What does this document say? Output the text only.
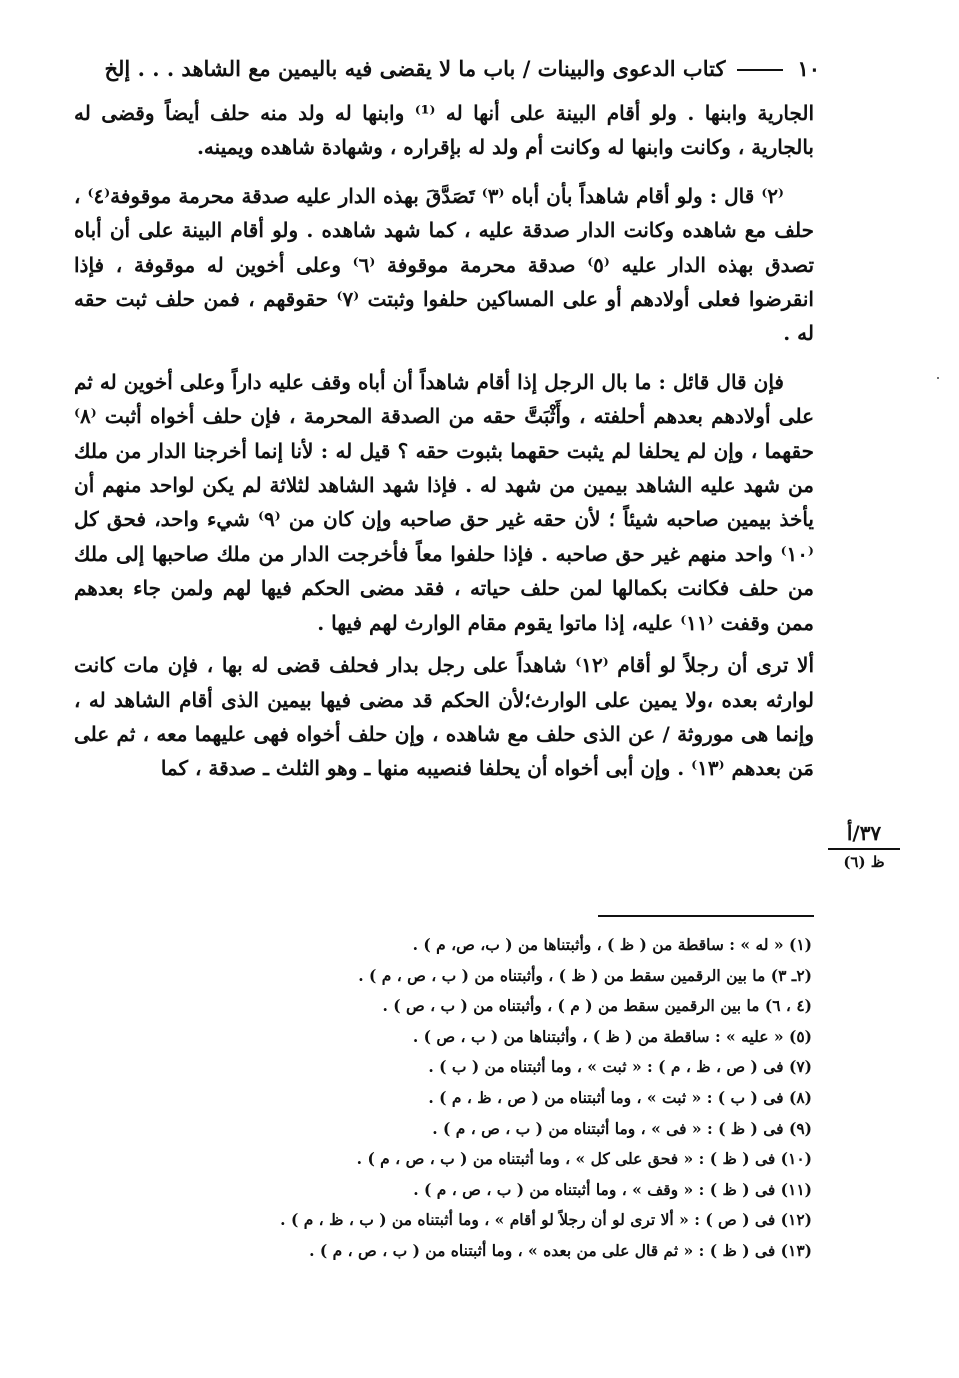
١٠
كتاب الدعوى والبينات / باب ما لا يقضى فيه باليمين مع الشاهد . . . إلخ

الجارية وابنها . ولو أقام البينة على أنها له ⁽¹⁾ وابنها له ولد منه حلف أيضاً وقضى له بالجارية ، وكانت وابنها له وكانت أم ولد له بإقراره ، وشهادة شاهده ويمينه.

⁽٢⁾ قال : ولو أقام شاهداً بأن أباه ⁽٣⁾ تَصَدَّقَ بهذه الدار عليه صدقة محرمة موقوفة⁽٤⁾ ، حلف مع شاهده وكانت الدار صدقة عليه ، كما شهد شاهده . ولو أقام البينة على أن أباه تصدق بهذه الدار عليه ⁽٥⁾ صدقة محرمة موقوفة ⁽٦⁾ وعلى أخوين له موقوفة ، فإذا انقرضوا فعلى أولادهم أو على المساكين حلفوا وثبتت ⁽٧⁾ حقوقهم ، فمن حلف ثبت حقه له .

فإن قال قائل : ما بال الرجل إذا أقام شاهداً أن أباه وقف عليه داراً وعلى أخوين له ثم على أولادهم بعدهم أحلفته ، وأَثْبَتَّ حقه من الصدقة المحرمة ، فإن حلف أخواه أثبت ⁽٨⁾ حقهما ، وإن لم يحلفا لم يثبت حقهما بثبوت حقه ؟ قيل له : لأنا إنما أخرجنا الدار من ملك من شهد عليه الشاهد بيمين من شهد له . فإذا شهد الشاهد لثلاثة لم يكن لواحد منهم أن يأخذ بيمين صاحبه شيئاً ؛ لأن حقه غير حق صاحبه وإن كان من ⁽٩⁾ شيء واحد، فحق كل ⁽١٠⁾ واحد منهم غير حق صاحبه . فإذا حلفوا معاً فأخرجت الدار من ملك صاحبها إلى ملك من حلف فكانت بكمالها لمن حلف حياته ، فقد مضى الحكم فيها لهم ولمن جاء بعدهم ممن وقفت ⁽١١⁾ عليه، إذا ماتوا يقوم مقام الوارث لهم فيها .

ألا ترى أن رجلاً لو أقام ⁽١٢⁾ شاهداً على رجل بدار فحلف قضى له بها ، فإن مات كانت لوارثه بعده ،ولا يمين على الوارث؛لأن الحكم قد مضى فيها بيمين الذى أقام الشاهد له ، وإنما هى موروثة / عن الذى حلف مع شاهده ، وإن حلف أخواه فهى عليهما معه ، ثم على مَن بعدهم ⁽١٣⁾ . وإن أبى أخواه أن يحلفا فنصيبه منها ـ وهو الثلث ـ صدقة ، كما

٣٧/أ
ظ (٦)
(١) « له » : ساقطة من ( ظ ) ، وأثبتناها من ( ب، ص، م ) .
(٢ـ ٣) ما بين الرقمين سقط من ( ظ ) ، وأثبتناه من ( ب ، ص ، م ) .
(٤ ، ٦) ما بين الرقمين سقط من ( م ) ، وأثبتناه من ( ب ، ص ) .
(٥) « عليه » : ساقطة من ( ظ ) ، وأثبتناها من ( ب ، ص ) .
(٧) فى ( ص ، ظ ، م ) : « ثبت » ، وما أثبتناه من ( ب ) .
(٨) فى ( ب ) : « ثبت » ، وما أثبتناه من ( ص ، ظ ، م ) .
(٩) فى ( ظ ) : « فى » ، وما أثبتناه من ( ب ، ص ، م ) .
(١٠) فى ( ظ ) : « فحق على كل » ، وما أثبتناه من ( ب ، ص ، م ) .
(١١) فى ( ظ ) : « وقف » ، وما أثبتناه من ( ب ، ص ، م ) .
(١٢) فى ( ص ) : « ألا ترى لو أن رجلاً لو أقام » ، وما أثبتناه من ( ب ، ظ ، م ) .
(١٣) فى ( ظ ) : « ثم قال على من بعده » ، وما أثبتناه من ( ب ، ص ، م ) .
